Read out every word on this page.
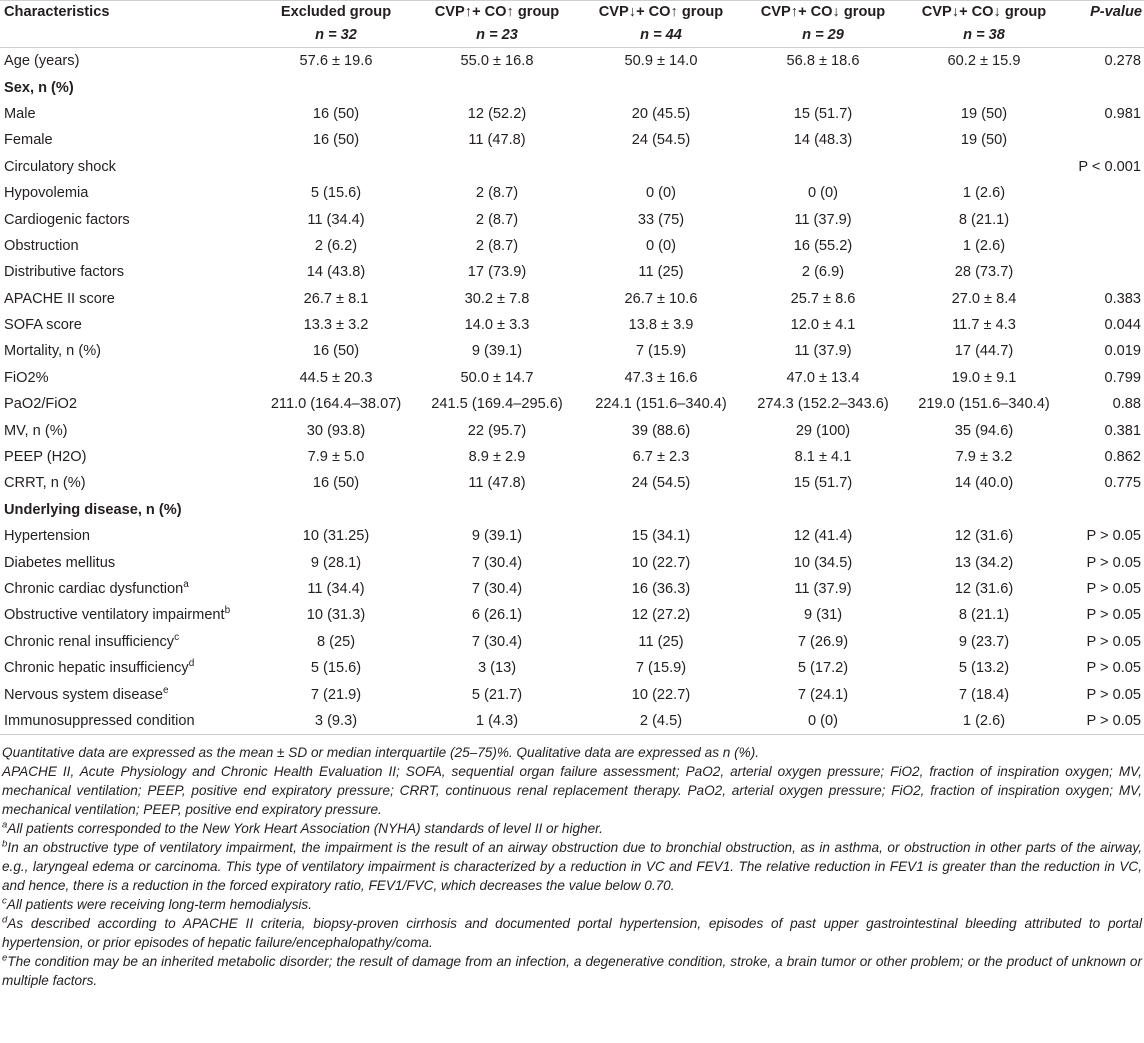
Characteristics	Excluded group	CVP↑+ CO↑ group	CVP↓+ CO↑ group	CVP↑+ CO↓ group	CVP↓+ CO↓ group	P-value
	n = 32	n = 23	n = 44	n = 29	n = 38	
Age (years)	57.6 ± 19.6	55.0 ± 16.8	50.9 ± 14.0	56.8 ± 18.6	60.2 ± 15.9	0.278
Sex, n (%)						
Male	16 (50)	12 (52.2)	20 (45.5)	15 (51.7)	19 (50)	0.981
Female	16 (50)	11 (47.8)	24 (54.5)	14 (48.3)	19 (50)	
Circulatory shock						P < 0.001
Hypovolemia	5 (15.6)	2 (8.7)	0 (0)	0 (0)	1 (2.6)	
Cardiogenic factors	11 (34.4)	2 (8.7)	33 (75)	11 (37.9)	8 (21.1)	
Obstruction	2 (6.2)	2 (8.7)	0 (0)	16 (55.2)	1 (2.6)	
Distributive factors	14 (43.8)	17 (73.9)	11 (25)	2 (6.9)	28 (73.7)	
APACHE II score	26.7 ± 8.1	30.2 ± 7.8	26.7 ± 10.6	25.7 ± 8.6	27.0 ± 8.4	0.383
SOFA score	13.3 ± 3.2	14.0 ± 3.3	13.8 ± 3.9	12.0 ± 4.1	11.7 ± 4.3	0.044
Mortality, n (%)	16 (50)	9 (39.1)	7 (15.9)	11 (37.9)	17 (44.7)	0.019
FiO2%	44.5 ± 20.3	50.0 ± 14.7	47.3 ± 16.6	47.0 ± 13.4	19.0 ± 9.1	0.799
PaO2/FiO2	211.0 (164.4–38.07)	241.5 (169.4–295.6)	224.1 (151.6–340.4)	274.3 (152.2–343.6)	219.0 (151.6–340.4)	0.88
MV, n (%)	30 (93.8)	22 (95.7)	39 (88.6)	29 (100)	35 (94.6)	0.381
PEEP (H2O)	7.9 ± 5.0	8.9 ± 2.9	6.7 ± 2.3	8.1 ± 4.1	7.9 ± 3.2	0.862
CRRT, n (%)	16 (50)	11 (47.8)	24 (54.5)	15 (51.7)	14 (40.0)	0.775
Underlying disease, n (%)						
Hypertension	10 (31.25)	9 (39.1)	15 (34.1)	12 (41.4)	12 (31.6)	P > 0.05
Diabetes mellitus	9 (28.1)	7 (30.4)	10 (22.7)	10 (34.5)	13 (34.2)	P > 0.05
Chronic cardiac dysfunction$^a$	11 (34.4)	7 (30.4)	16 (36.3)	11 (37.9)	12 (31.6)	P > 0.05
Obstructive ventilatory impairment$^b$	10 (31.3)	6 (26.1)	12 (27.2)	9 (31)	8 (21.1)	P > 0.05
Chronic renal insufficiency$^c$	8 (25)	7 (30.4)	11 (25)	7 (26.9)	9 (23.7)	P > 0.05
Chronic hepatic insufficiency$^d$	5 (15.6)	3 (13)	7 (15.9)	5 (17.2)	5 (13.2)	P > 0.05
Nervous system disease$^e$	7 (21.9)	5 (21.7)	10 (22.7)	7 (24.1)	7 (18.4)	P > 0.05
Immunosuppressed condition	3 (9.3)	1 (4.3)	2 (4.5)	0 (0)	1 (2.6)	P > 0.05

Quantitative data are expressed as the mean ± SD or median interquartile (25–75)%. Qualitative data are expressed as n (%).

APACHE II, Acute Physiology and Chronic Health Evaluation II; SOFA, sequential organ failure assessment; PaO2, arterial oxygen pressure; FiO2, fraction of inspiration oxygen; MV, mechanical ventilation; PEEP, positive end expiratory pressure; CRRT, continuous renal replacement therapy. PaO2, arterial oxygen pressure; FiO2, fraction of inspiration oxygen; MV, mechanical ventilation; PEEP, positive end expiratory pressure.

$^a$All patients corresponded to the New York Heart Association (NYHA) standards of level II or higher.

$^b$In an obstructive type of ventilatory impairment, the impairment is the result of an airway obstruction due to bronchial obstruction, as in asthma, or obstruction in other parts of the airway, e.g., laryngeal edema or carcinoma. This type of ventilatory impairment is characterized by a reduction in VC and FEV1. The relative reduction in FEV1 is greater than the reduction in VC, and hence, there is a reduction in the forced expiratory ratio, FEV1/FVC, which decreases the value below 0.70.

$^c$All patients were receiving long-term hemodialysis.

$^d$As described according to APACHE II criteria, biopsy-proven cirrhosis and documented portal hypertension, episodes of past upper gastrointestinal bleeding attributed to portal hypertension, or prior episodes of hepatic failure/encephalopathy/coma.

$^e$The condition may be an inherited metabolic disorder; the result of damage from an infection, a degenerative condition, stroke, a brain tumor or other problem; or the product of unknown or multiple factors.
